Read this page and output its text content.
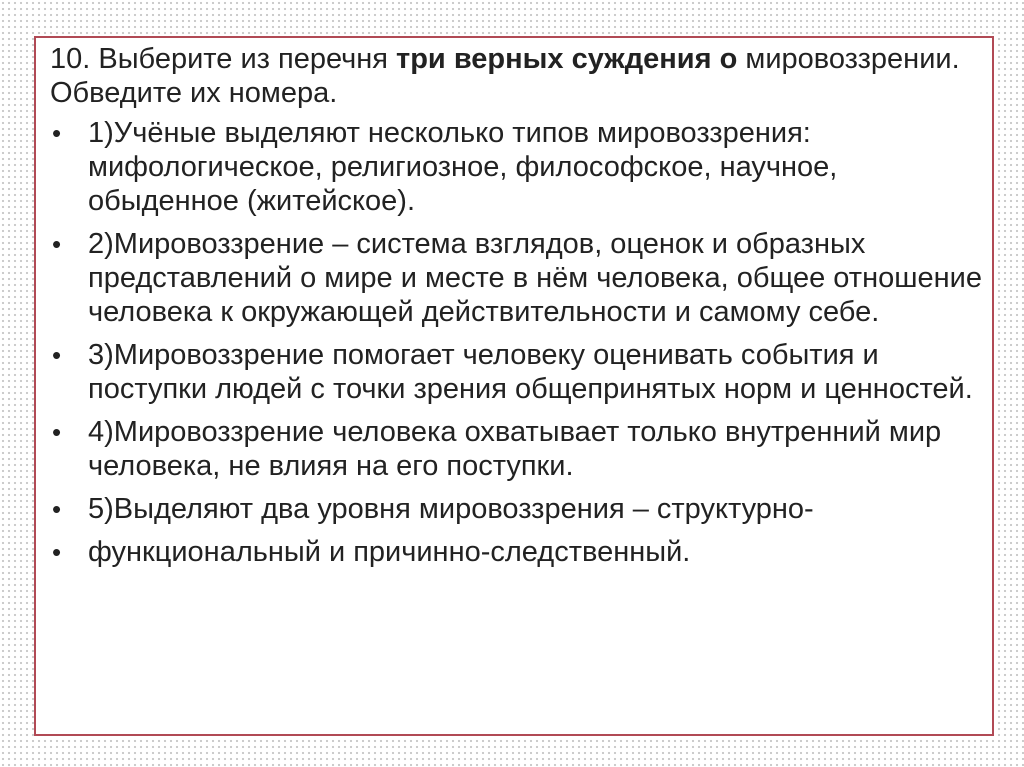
10. Выберите из перечня три верных суждения о мировоззрении. Обведите их номера.

• 1)Учёные выделяют несколько типов мировоззрения: мифологическое, религиозное, философское, научное, обыденное (житейское).
• 2)Мировоззрение – система взглядов, оценок и образных представлений о мире и месте в нём человека, общее отношение человека к окружающей действительности и самому себе.
• 3)Мировоззрение помогает человеку оценивать события и поступки людей с точки зрения общепринятых норм и ценностей.
• 4)Мировоззрение человека охватывает только внутренний мир человека, не влияя на его поступки.
• 5)Выделяют два уровня мировоззрения – структурно-
• функциональный и причинно-следственный.
